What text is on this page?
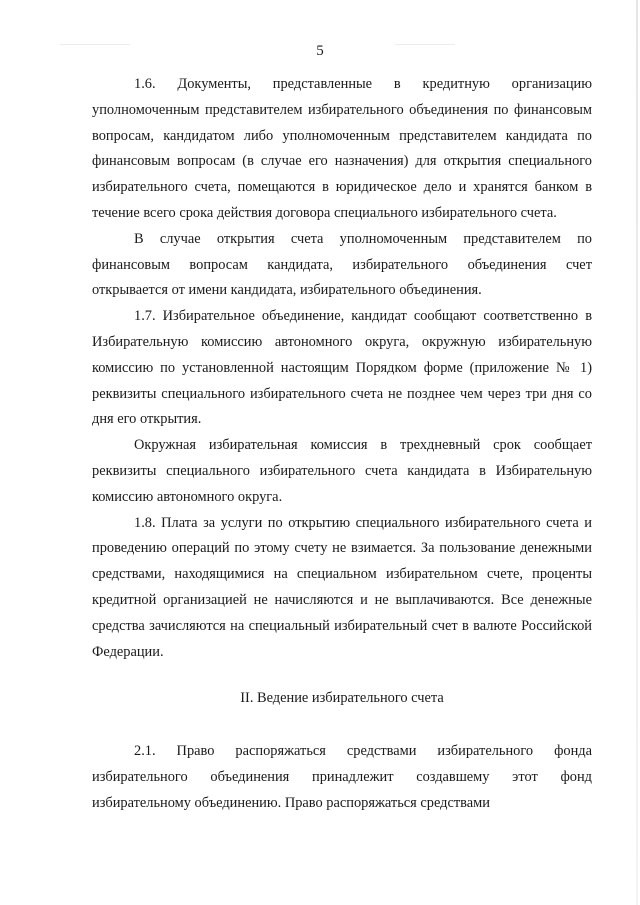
5

1.6. Документы, представленные в кредитную организацию уполномоченным представителем избирательного объединения по финансовым вопросам, кандидатом либо уполномоченным представителем кандидата по финансовым вопросам (в случае его назначения) для открытия специального избирательного счета, помещаются в юридическое дело и хранятся банком в течение всего срока действия договора специального избирательного счета.

В случае открытия счета уполномоченным представителем по финансовым вопросам кандидата, избирательного объединения счет открывается от имени кандидата, избирательного объединения.

1.7. Избирательное объединение, кандидат сообщают соответственно в Избирательную комиссию автономного округа, окружную избирательную комиссию по установленной настоящим Порядком форме (приложение № 1) реквизиты специального избирательного счета не позднее чем через три дня со дня его открытия.

Окружная избирательная комиссия в трехдневный срок сообщает реквизиты специального избирательного счета кандидата в Избирательную комиссию автономного округа.

1.8. Плата за услуги по открытию специального избирательного счета и проведению операций по этому счету не взимается. За пользование денежными средствами, находящимися на специальном избирательном счете, проценты кредитной организацией не начисляются и не выплачиваются. Все денежные средства зачисляются на специальный избирательный счет в валюте Российской Федерации.

II. Ведение избирательного счета

2.1. Право распоряжаться средствами избирательного фонда избирательного объединения принадлежит создавшему этот фонд избирательному объединению. Право распоряжаться средствами
